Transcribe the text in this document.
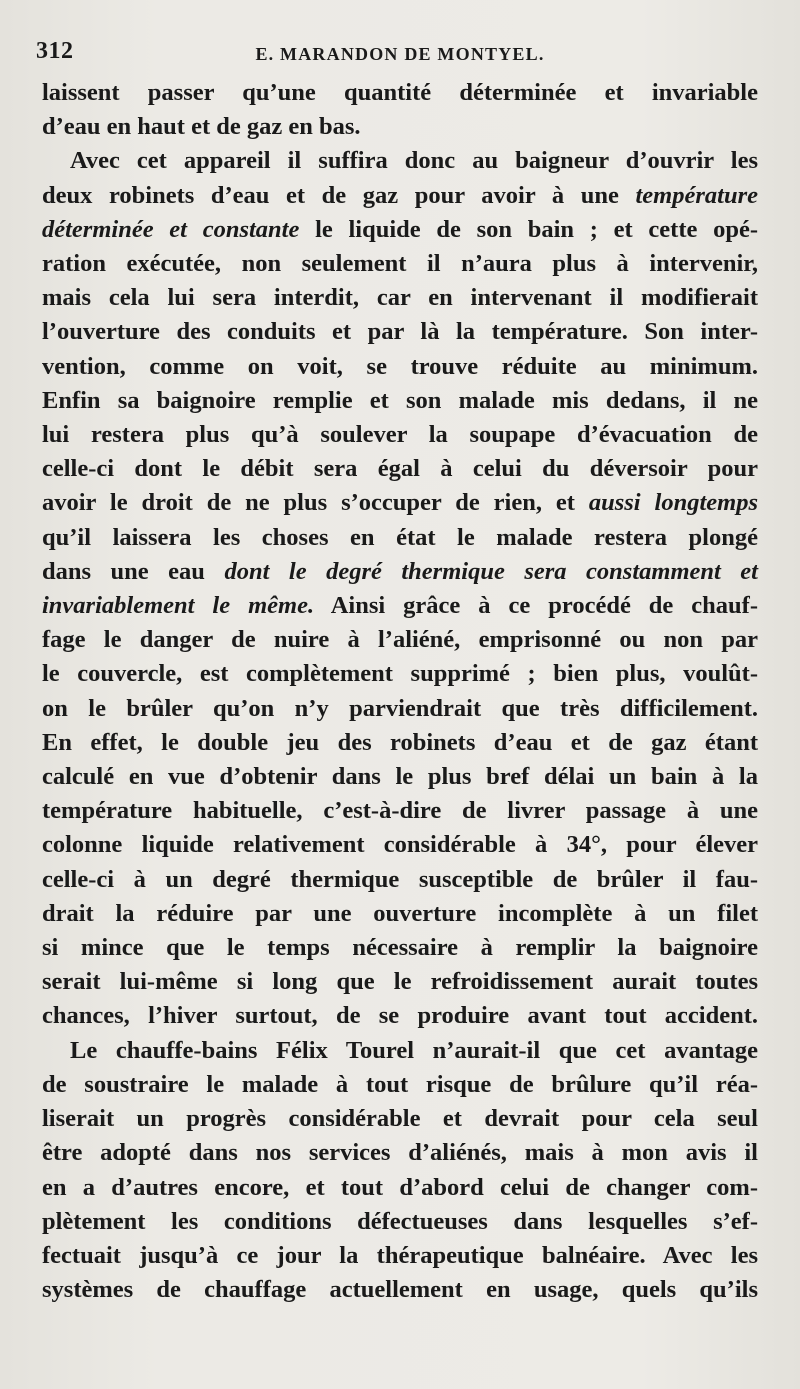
312	E. MARANDON DE MONTYEL.
laissent passer qu’une quantité déterminée et invariable
d’eau en haut et de gaz en bas.
Avec cet appareil il suffira donc au baigneur d’ouvrir les
deux robinets d’eau et de gaz pour avoir à une température
déterminée et constante le liquide de son bain ; et cette opé-
ration exécutée, non seulement il n’aura plus à intervenir,
mais cela lui sera interdit, car en intervenant il modifierait
l’ouverture des conduits et par là la température. Son inter-
vention, comme on voit, se trouve réduite au minimum.
Enfin sa baignoire remplie et son malade mis dedans, il ne
lui restera plus qu’à soulever la soupape d’évacuation de
celle-ci dont le débit sera égal à celui du déversoir pour
avoir le droit de ne plus s’occuper de rien, et aussi longtemps
qu’il laissera les choses en état le malade restera plongé
dans une eau dont le degré thermique sera constamment et
invariablement le même. Ainsi grâce à ce procédé de chauf-
fage le danger de nuire à l’aliéné, emprisonné ou non par
le couvercle, est complètement supprimé ; bien plus, voulût-
on le brûler qu’on n’y parviendrait que très difficilement.
En effet, le double jeu des robinets d’eau et de gaz étant
calculé en vue d’obtenir dans le plus bref délai un bain à la
température habituelle, c’est-à-dire de livrer passage à une
colonne liquide relativement considérable à 34°, pour élever
celle-ci à un degré thermique susceptible de brûler il fau-
drait la réduire par une ouverture incomplète à un filet
si mince que le temps nécessaire à remplir la baignoire
serait lui-même si long que le refroidissement aurait toutes
chances, l’hiver surtout, de se produire avant tout accident.
Le chauffe-bains Félix Tourel n’aurait-il que cet avantage
de soustraire le malade à tout risque de brûlure qu’il réa-
liserait un progrès considérable et devrait pour cela seul
être adopté dans nos services d’aliénés, mais à mon avis il
en a d’autres encore, et tout d’abord celui de changer com-
plètement les conditions défectueuses dans lesquelles s’ef-
fectuait jusqu’à ce jour la thérapeutique balnéaire. Avec les
systèmes de chauffage actuellement en usage, quels qu’ils
